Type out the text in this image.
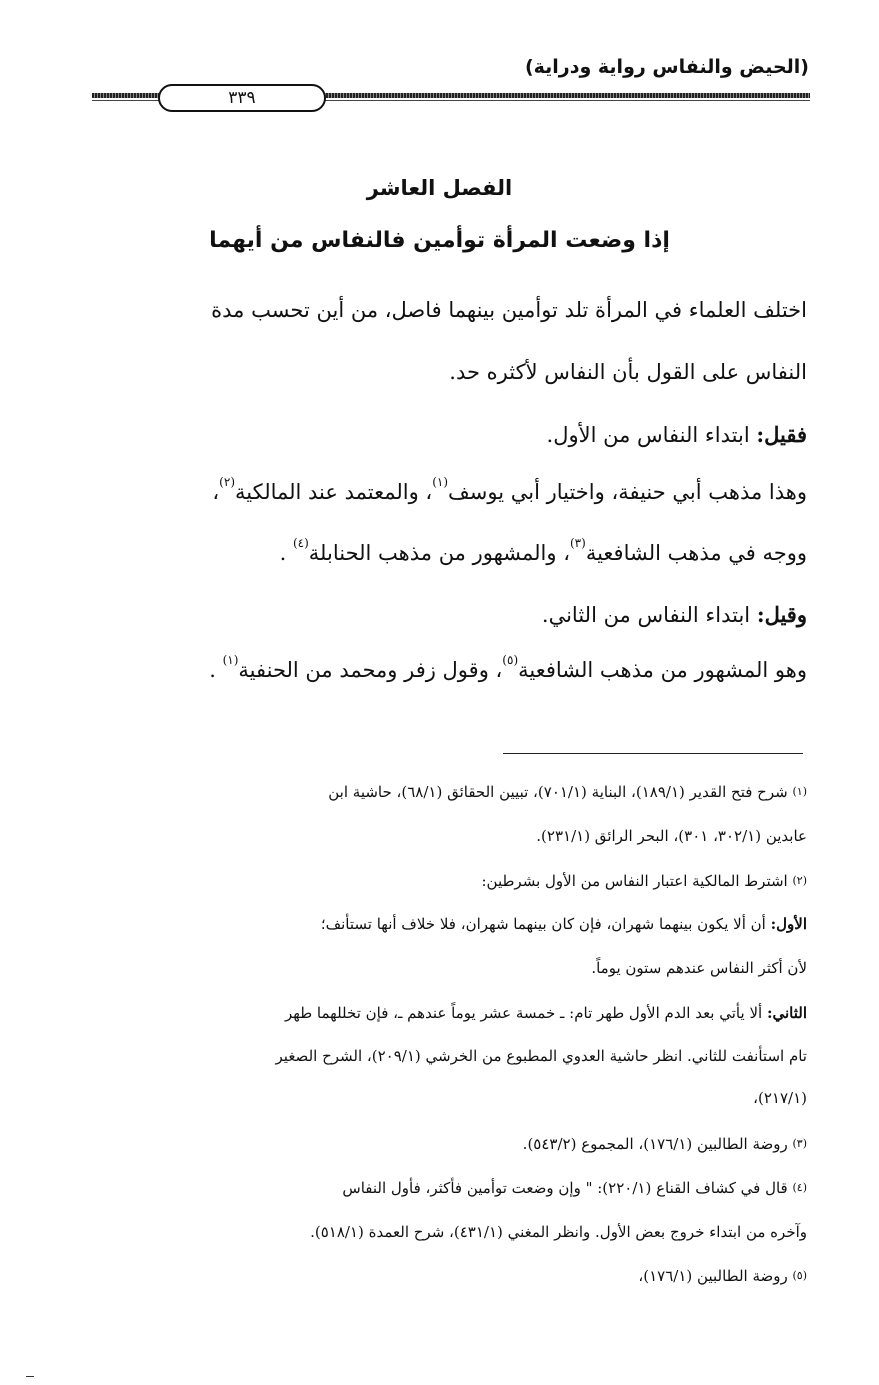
(الحيض والنفاس رواية ودراية)
٣٣٩
الفصل العاشر
إذا وضعت المرأة توأمين فالنفاس من أيهما
اختلف العلماء في المرأة تلد توأمين بينهما فاصل، من أين تحسب مدة
النفاس على القول بأن النفاس لأكثره حد.
فقيل: ابتداء النفاس من الأول.
وهذا مذهب أبي حنيفة، واختيار أبي يوسف$^{(١)}$، والمعتمد عند المالكية$^{(٢)}$،
ووجه في مذهب الشافعية$^{(٣)}$، والمشهور من مذهب الحنابلة$^{(٤)}$ .
وقيل: ابتداء النفاس من الثاني.
وهو المشهور من مذهب الشافعية$^{(٥)}$، وقول زفر ومحمد من الحنفية$^{(١)}$ .
$^{(١)}$ شرح فتح القدير (١٨٩/١)، البناية (٧٠١/١)، تبيين الحقائق (٦٨/١)، حاشية ابن
عابدين (٣٠٢/١، ٣٠١)، البحر الرائق (٢٣١/١).
$^{(٢)}$ اشترط المالكية اعتبار النفاس من الأول بشرطين:
الأول: أن ألا يكون بينهما شهران، فإن كان بينهما شهران، فلا خلاف أنها تستأنف؛
لأن أكثر النفاس عندهم ستون يوماً.
الثاني: ألا يأتي بعد الدم الأول طهر تام: ـ خمسة عشر يوماً عندهم ـ، فإن تخللهما طهر
تام استأنفت للثاني. انظر حاشية العدوي المطبوع من الخرشي (٢٠٩/١)، الشرح الصغير
(٢١٧/١)،
$^{(٣)}$ روضة الطالبين (١٧٦/١)، المجموع (٥٤٣/٢).
$^{(٤)}$ قال في كشاف القناع (٢٢٠/١): " وإن وضعت توأمين فأكثر، فأول النفاس
وآخره من ابتداء خروج بعض الأول. وانظر المغني (٤٣١/١)، شرح العمدة (٥١٨/١).
$^{(٥)}$ روضة الطالبين (١٧٦/١)،
